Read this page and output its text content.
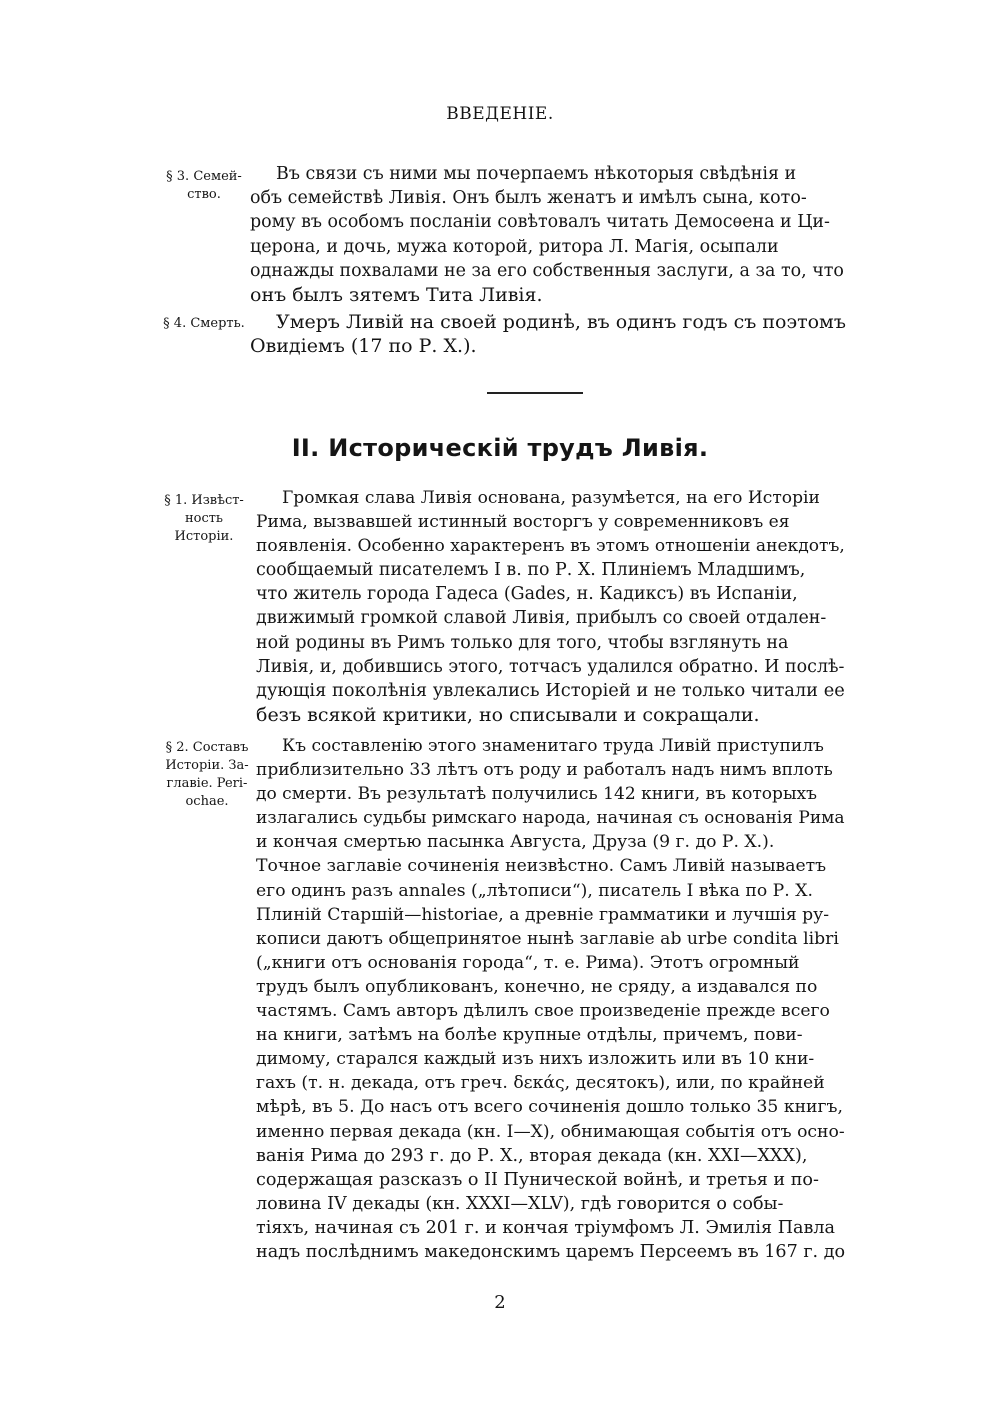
ВВЕДЕНІЕ.
§ 3. Семей-
ство.
Въ связи съ ними мы почерпаемъ нѣкоторыя свѣдѣнія и
объ семействѣ Ливія. Онъ былъ женатъ и имѣлъ сына, кото-
рому въ особомъ посланіи совѣтовалъ читать Демосѳена и Ци-
церона, и дочь, мужа которой, ритора Л. Магія, осыпали
однажды похвалами не за его собственныя заслуги, а за то, что
онъ былъ зятемъ Тита Ливія.
§ 4. Смерть.	Умеръ Ливій на своей родинѣ, въ одинъ годъ съ поэтомъ
Овидіемъ (17 по Р. Х.).
II. Историческій трудъ Ливія.
§ 1. Извѣст-
ность
Исторіи.
Громкая слава Ливія основана, разумѣется, на его Исторіи
Рима, вызвавшей истинный восторгъ у современниковъ ея
появленія. Особенно характеренъ въ этомъ отношеніи анекдотъ,
сообщаемый писателемъ I в. по Р. Х. Плиніемъ Младшимъ,
что житель города Гадеса (Gades, н. Кадиксъ) въ Испаніи,
движимый громкой славой Ливія, прибылъ со своей отдален-
ной родины въ Римъ только для того, чтобы взглянуть на
Ливія, и, добившись этого, тотчасъ удалился обратно. И послѣ-
дующія поколѣнія увлекались Исторіей и не только читали ее
безъ всякой критики, но списывали и сокращали.
§ 2. Составъ
Исторіи. За-
главіе. Peri-
ochae.
Къ составленію этого знаменитаго труда Ливій приступилъ
приблизительно 33 лѣтъ отъ роду и работалъ надъ нимъ вплоть
до смерти. Въ результатѣ получились 142 книги, въ которыхъ
излагались судьбы римскаго народа, начиная съ основанія Рима
и кончая смертью пасынка Августа, Друза (9 г. до Р. Х.).
Точное заглавіе сочиненія неизвѣстно. Самъ Ливій называетъ
его одинъ разъ annales („лѣтописи“), писатель I вѣка по Р. Х.
Плиній Старшій—historiae, а древніе грамматики и лучшія ру-
кописи даютъ общепринятое нынѣ заглавіе ab urbe condita libri
(„книги отъ основанія города“, т. е. Рима). Этотъ огромный
трудъ былъ опубликованъ, конечно, не сряду, а издавался по
частямъ. Самъ авторъ дѣлилъ свое произведеніе прежде всего
на книги, затѣмъ на болѣе крупные отдѣлы, причемъ, пови-
димому, старался каждый изъ нихъ изложить или въ 10 кни-
гахъ (т. н. декада, отъ греч. δεκάς, десятокъ), или, по крайней
мѣрѣ, въ 5. До насъ отъ всего сочиненія дошло только 35 книгъ,
именно первая декада (кн. I—X), обнимающая событія отъ осно-
ванія Рима до 293 г. до Р. Х., вторая декада (кн. XXI—XXX),
содержащая разсказъ о II Пунической войнѣ, и третья и по-
ловина IV декады (кн. XXXI—XLV), гдѣ говорится о собы-
тіяхъ, начиная съ 201 г. и кончая тріумфомъ Л. Эмилія Павла
надъ послѣднимъ македонскимъ царемъ Персеемъ въ 167 г. до
2
